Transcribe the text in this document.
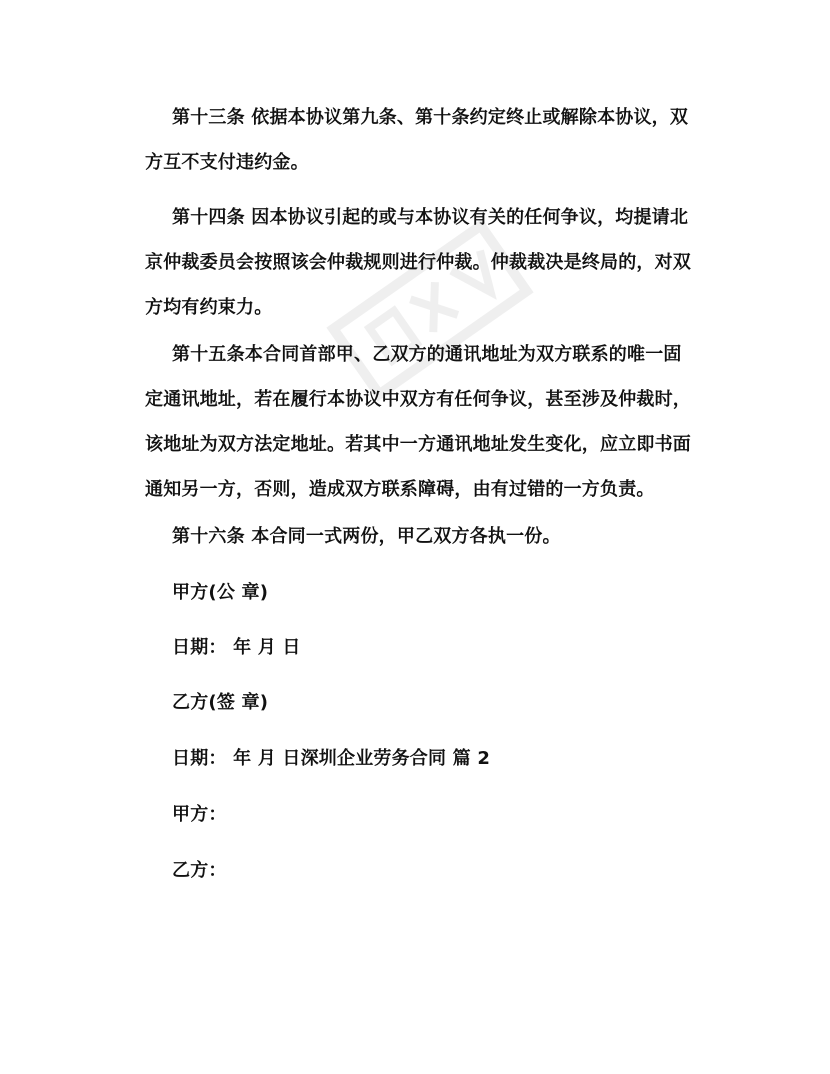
第十三条 依据本协议第九条、第十条约定终止或解除本协议，双
方互不支付违约金。
第十四条 因本协议引起的或与本协议有关的任何争议，均提请北
京仲裁委员会按照该会仲裁规则进行仲裁。仲裁裁决是终局的，对双
方均有约束力。
第十五条本合同首部甲、乙双方的通讯地址为双方联系的唯一固
定通讯地址，若在履行本协议中双方有任何争议，甚至涉及仲裁时，
该地址为双方法定地址。若其中一方通讯地址发生变化，应立即书面
通知另一方，否则，造成双方联系障碍，由有过错的一方负责。
第十六条 本合同一式两份，甲乙双方各执一份。
甲方(公 章)
日期： 年 月 日
乙方(签 章)
日期： 年 月 日深圳企业劳务合同 篇 2
甲方：
乙方：
